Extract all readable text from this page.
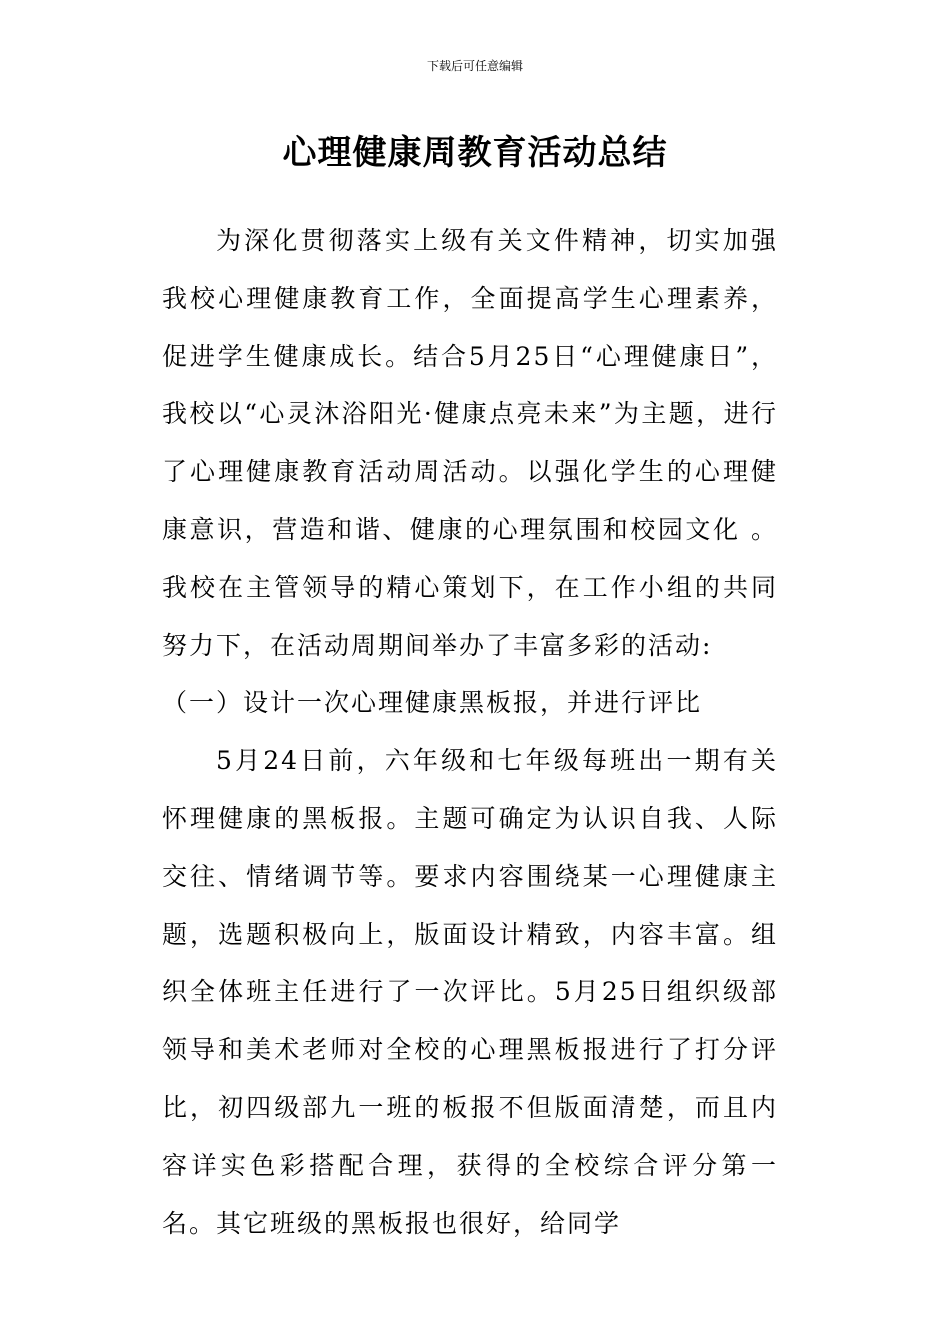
下载后可任意编辑
心理健康周教育活动总结

为深化贯彻落实上级有关文件精神，切实加强我校心理健康教育工作，全面提高学生心理素养，促进学生健康成长。结合5月25日“心理健康日”，我校以“心灵沐浴阳光·健康点亮未来”为主题，进行了心理健康教育活动周活动。以强化学生的心理健康意识，营造和谐、健康的心理氛围和校园文化 。我校在主管领导的精心策划下，在工作小组的共同努力下，在活动周期间举办了丰富多彩的活动:

（一）设计一次心理健康黑板报，并进行评比

5月24日前，六年级和七年级每班出一期有关怀理健康的黑板报。主题可确定为认识自我、人际交往、情绪调节等。要求内容围绕某一心理健康主题，选题积极向上，版面设计精致，内容丰富。组织全体班主任进行了一次评比。5月25日组织级部领导和美术老师对全校的心理黑板报进行了打分评比，初四级部九一班的板报不但版面清楚，而且内容详实色彩搭配合理，获得的全校综合评分第一名。其它班级的黑板报也很好，给同学
